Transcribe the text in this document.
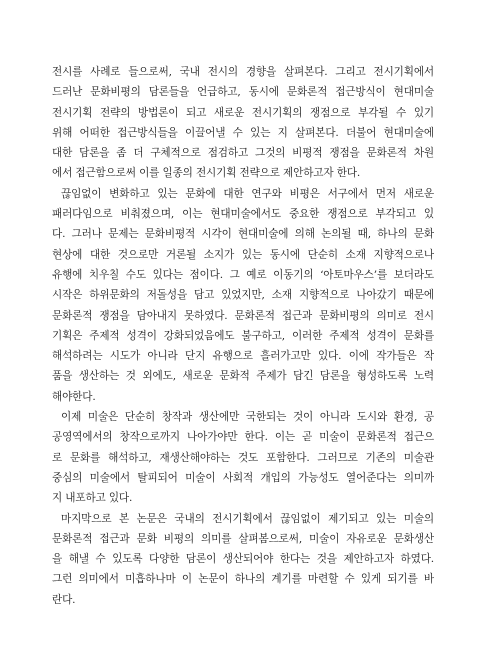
전시를 사례로 들으로써, 국내 전시의 경향을 살펴본다. 그리고 전시기획에서
드러난 문화비평의 담론들을 언급하고, 동시에 문화론적 접근방식이 현대미술
전시기획 전략의 방법론이 되고 새로운 전시기획의 쟁점으로 부각될 수 있기
위해 어떠한 접근방식들을 이끌어낼 수 있는 지 살펴본다. 더불어 현대미술에
대한 담론을 좀 더 구체적으로 점검하고 그것의 비평적 쟁점을 문화론적 차원
에서 접근함으로써 이를 일종의 전시기획 전략으로 제안하고자 한다.
끊임없이 변화하고 있는 문화에 대한 연구와 비평은 서구에서 먼저 새로운
패러다임으로 비춰졌으며, 이는 현대미술에서도 중요한 쟁점으로 부각되고 있
다. 그러나 문제는 문화비평적 시각이 현대미술에 의해 논의될 때, 하나의 문화
현상에 대한 것으로만 거론될 소지가 있는 동시에 단순히 소재 지향적으로나
유행에 치우칠 수도 있다는 점이다. 그 예로 이동기의 ‘아토마우스’를 보더라도
시작은 하위문화의 저돌성을 담고 있었지만, 소재 지향적으로 나아갔기 때문에
문화론적 쟁점을 담아내지 못하였다. 문화론적 접근과 문화비평의 의미로 전시
기획은 주제적 성격이 강화되었음에도 불구하고, 이러한 주제적 성격이 문화를
해석하려는 시도가 아니라 단지 유행으로 흘러가고만 있다. 이에 작가들은 작
품을 생산하는 것 외에도, 새로운 문화적 주제가 담긴 담론을 형성하도록 노력
해야한다.
이제 미술은 단순히 창작과 생산에만 국한되는 것이 아니라 도시와 환경, 공
공영역에서의 창작으로까지 나아가야만 한다. 이는 곧 미술이 문화론적 접근으
로 문화를 해석하고, 재생산해야하는 것도 포함한다. 그러므로 기존의 미술관
중심의 미술에서 탈피되어 미술이 사회적 개입의 가능성도 열어준다는 의미까
지 내포하고 있다.
마지막으로 본 논문은 국내의 전시기획에서 끊임없이 제기되고 있는 미술의
문화론적 접근과 문화 비평의 의미를 살펴봄으로써, 미술이 자유로운 문화생산
을 해낼 수 있도록 다양한 담론이 생산되어야 한다는 것을 제안하고자 하였다.
그런 의미에서 미흡하나마 이 논문이 하나의 계기를 마련할 수 있게 되기를 바
란다.
